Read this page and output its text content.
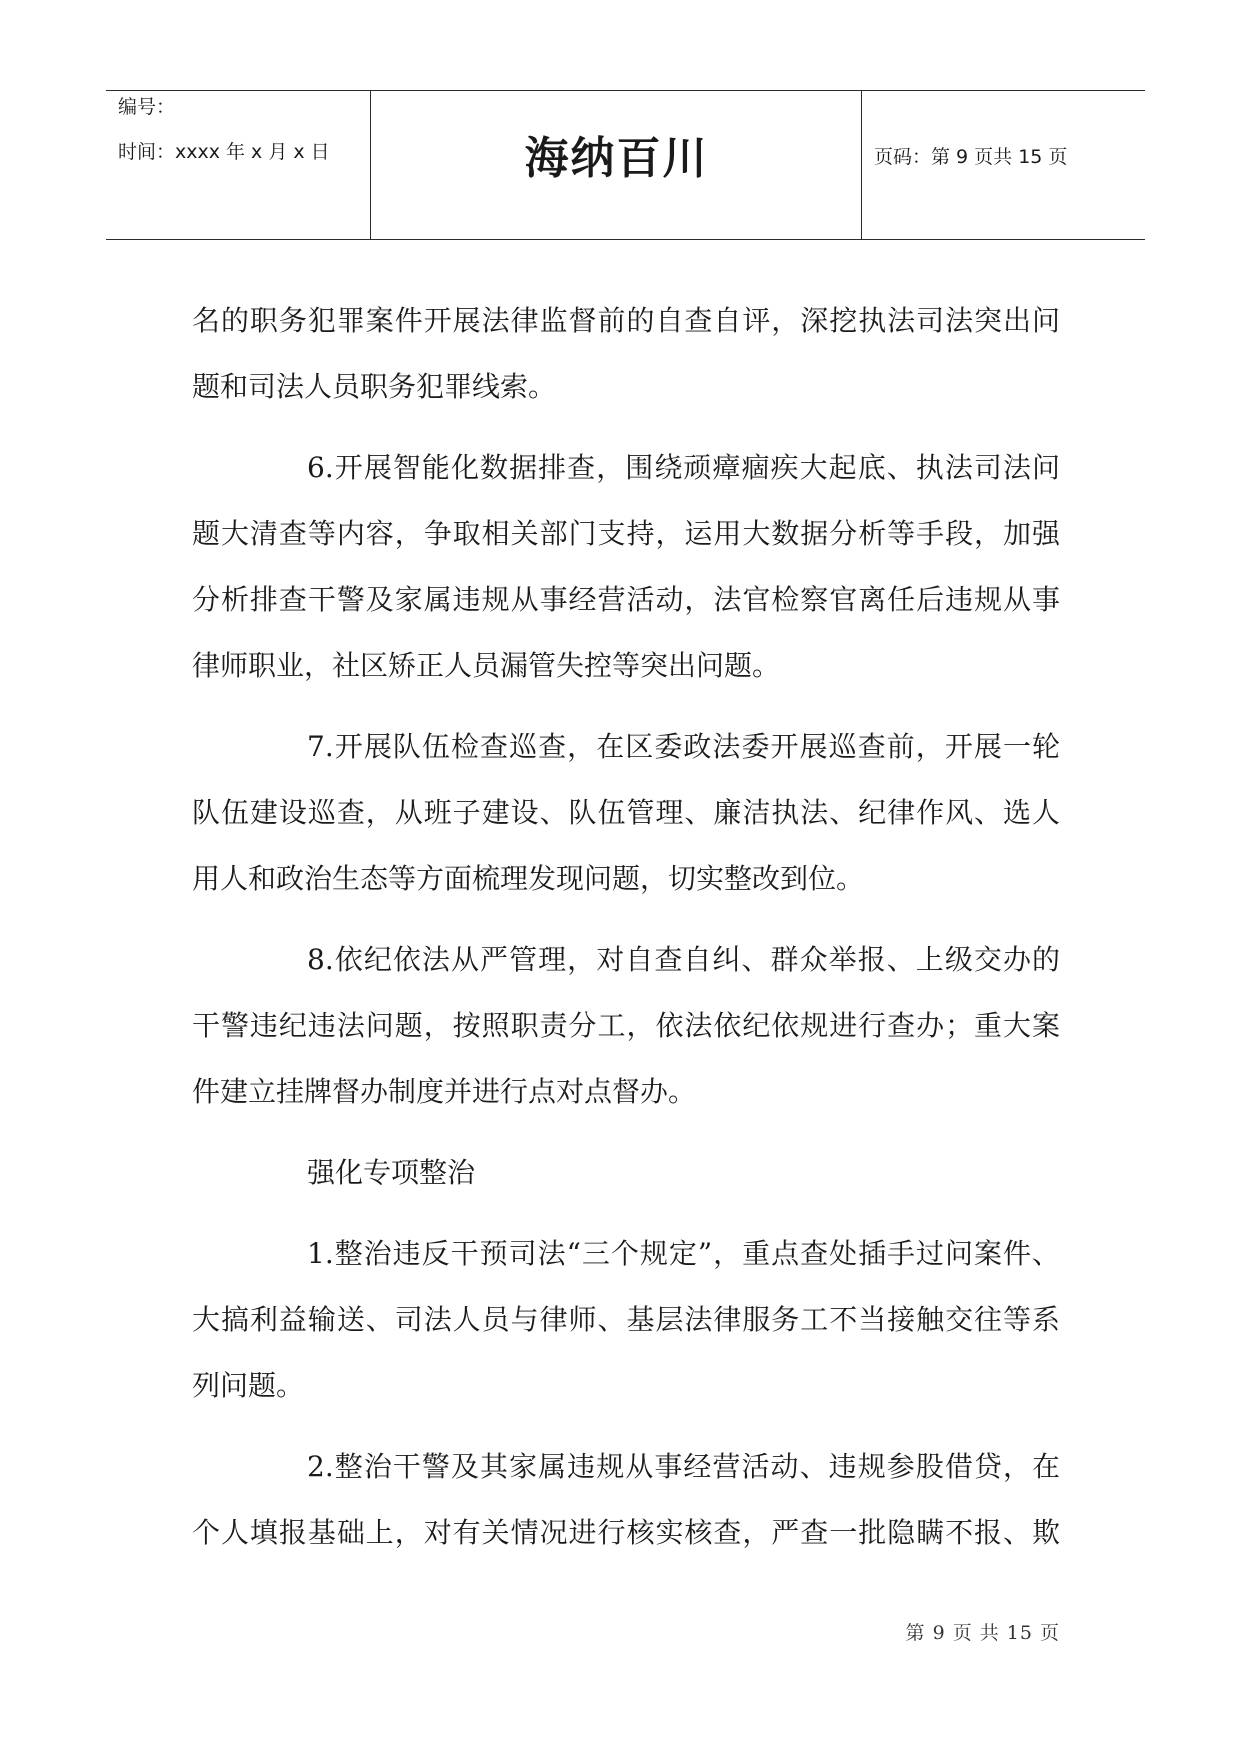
编号：
时间：xxxx 年 x 月 x 日	海纳百川	页码：第 9 页共 15 页
名的职务犯罪案件开展法律监督前的自查自评，深挖执法司法突出问
题和司法人员职务犯罪线索。
6.开展智能化数据排查，围绕顽瘴痼疾大起底、执法司法问
题大清查等内容，争取相关部门支持，运用大数据分析等手段，加强
分析排查干警及家属违规从事经营活动，法官检察官离任后违规从事
律师职业，社区矫正人员漏管失控等突出问题。
7.开展队伍检查巡查，在区委政法委开展巡查前，开展一轮
队伍建设巡查，从班子建设、队伍管理、廉洁执法、纪律作风、选人
用人和政治生态等方面梳理发现问题，切实整改到位。
8.依纪依法从严管理，对自查自纠、群众举报、上级交办的
干警违纪违法问题，按照职责分工，依法依纪依规进行查办；重大案
件建立挂牌督办制度并进行点对点督办。
强化专项整治
1.整治违反干预司法“三个规定”，重点查处插手过问案件、
大搞利益输送、司法人员与律师、基层法律服务工不当接触交往等系
列问题。
2.整治干警及其家属违规从事经营活动、违规参股借贷，在
个人填报基础上，对有关情况进行核实核查，严查一批隐瞒不报、欺
第 9 页 共 15 页
